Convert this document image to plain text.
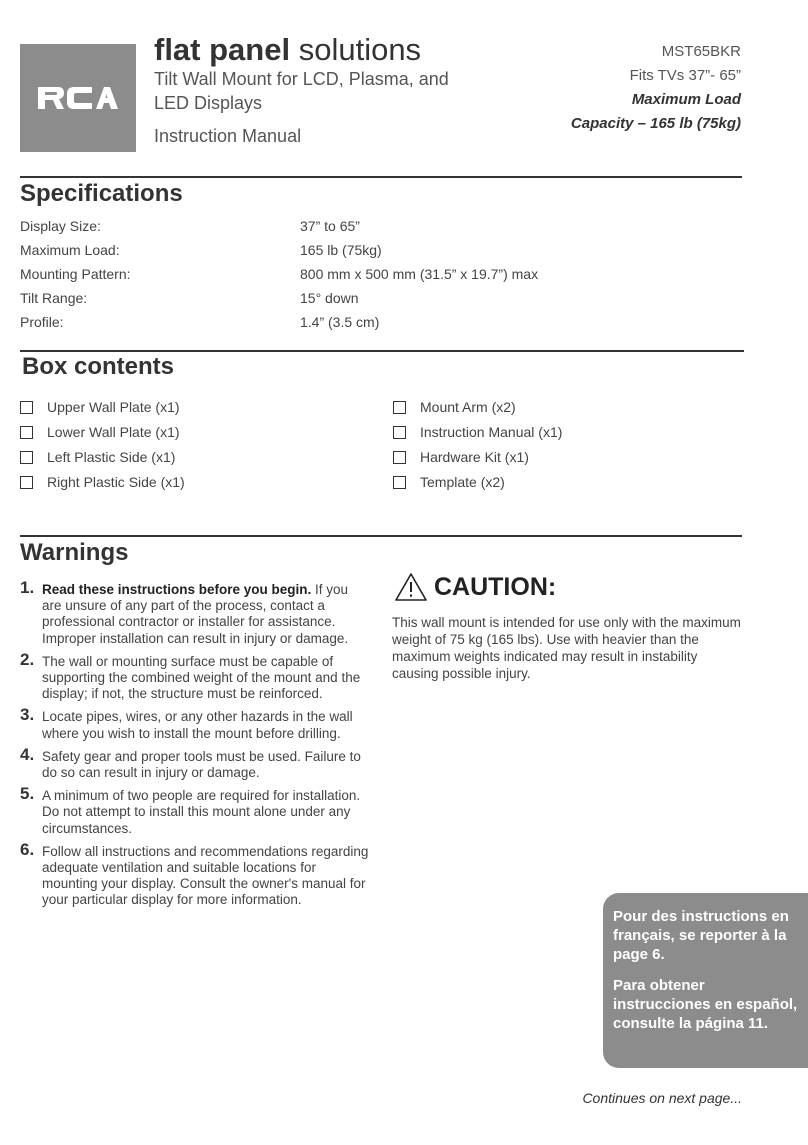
flat panel solutions
Tilt Wall Mount for LCD, Plasma, and LED Displays
Instruction Manual
MST65BKR
Fits TVs 37”- 65”
Maximum Load
Capacity – 165 lb (75kg)
Specifications
Display Size:	37” to 65”
Maximum Load:	165 lb (75kg)
Mounting Pattern:	800 mm x 500 mm (31.5” x 19.7”) max
Tilt Range:	15° down
Profile:	1.4” (3.5 cm)
Box contents
Upper Wall Plate (x1)
Lower Wall Plate (x1)
Left Plastic Side (x1)
Right Plastic Side (x1)
Mount Arm (x2)
Instruction Manual (x1)
Hardware Kit (x1)
Template (x2)
Warnings
1. Read these instructions before you begin. If you are unsure of any part of the process, contact a professional contractor or installer for assistance. Improper installation can result in injury or damage.
2. The wall or mounting surface must be capable of supporting the combined weight of the mount and the display; if not, the structure must be reinforced.
3. Locate pipes, wires, or any other hazards in the wall where you wish to install the mount before drilling.
4. Safety gear and proper tools must be used. Failure to do so can result in injury or damage.
5. A minimum of two people are required for installation. Do not attempt to install this mount alone under any circumstances.
6. Follow all instructions and recommendations regarding adequate ventilation and suitable locations for mounting your display. Consult the owner's manual for your particular display for more information.
CAUTION:
This wall mount is intended for use only with the maximum weight of 75 kg (165 lbs). Use with heavier than the maximum weights indicated may result in instability causing possible injury.

Pour des instructions en français, se reporter à la page 6.

Para obtener instrucciones en español, consulte la página 11.

Continues on next page...
